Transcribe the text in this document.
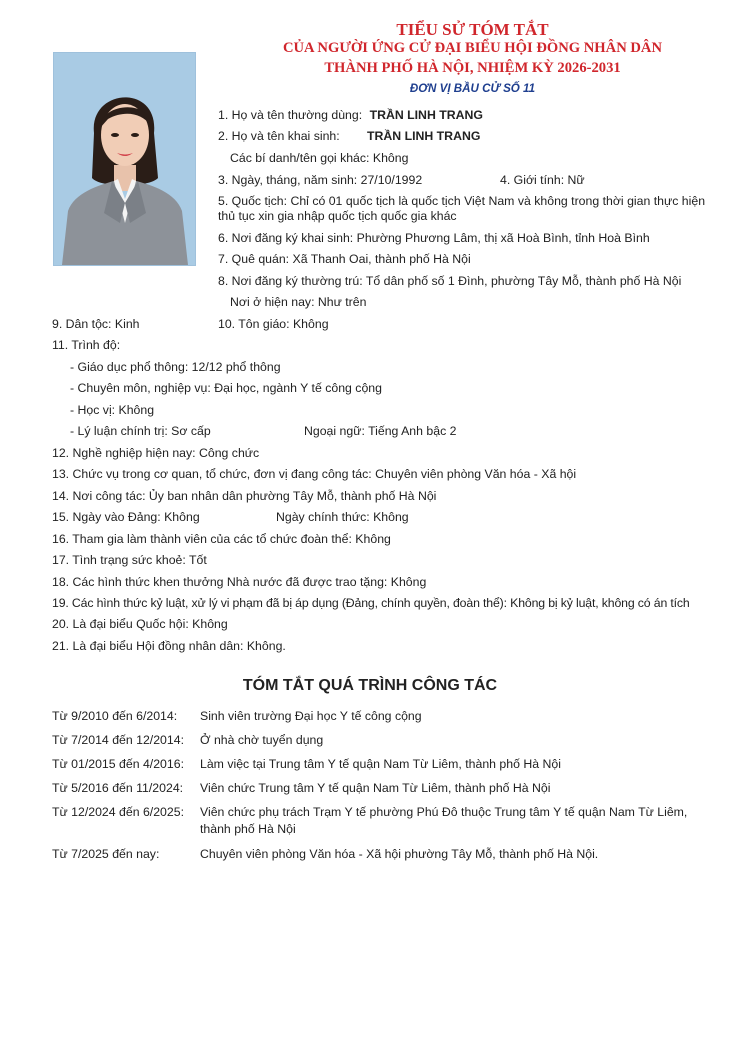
TIỂU SỬ TÓM TẮT
CỦA NGƯỜI ỨNG CỬ ĐẠI BIỂU HỘI ĐỒNG NHÂN DÂN
THÀNH PHỐ HÀ NỘI, NHIỆM KỲ 2026-2031
ĐƠN VỊ BẦU CỬ SỐ 11
1. Họ và tên thường dùng: TRẦN LINH TRANG
2. Họ và tên khai sinh: TRẦN LINH TRANG
Các bí danh/tên gọi khác: Không
3. Ngày, tháng, năm sinh: 27/10/1992	4. Giới tính: Nữ
5. Quốc tịch: Chỉ có 01 quốc tịch là quốc tịch Việt Nam và không trong thời gian thực hiện
thủ tục xin gia nhập quốc tịch quốc gia khác
6. Nơi đăng ký khai sinh: Phường Phương Lâm, thị xã Hoà Bình, tỉnh Hoà Bình
7. Quê quán: Xã Thanh Oai, thành phố Hà Nội
8. Nơi đăng ký thường trú: Tổ dân phố số 1 Đình, phường Tây Mỗ, thành phố Hà Nội
Nơi ở hiện nay: Như trên
9. Dân tộc: Kinh	10. Tôn giáo: Không
11. Trình độ:
- Giáo dục phổ thông: 12/12 phổ thông
- Chuyên môn, nghiệp vụ: Đại học, ngành Y tế công cộng
- Học vị: Không
- Lý luận chính trị: Sơ cấp	Ngoại ngữ: Tiếng Anh bậc 2
12. Nghề nghiệp hiện nay: Công chức
13. Chức vụ trong cơ quan, tổ chức, đơn vị đang công tác: Chuyên viên phòng Văn hóa - Xã hội
14. Nơi công tác: Ủy ban nhân dân phường Tây Mỗ, thành phố Hà Nội
15. Ngày vào Đảng: Không	Ngày chính thức: Không
16. Tham gia làm thành viên của các tổ chức đoàn thể: Không
17. Tình trạng sức khoẻ: Tốt
18. Các hình thức khen thưởng Nhà nước đã được trao tặng: Không
19. Các hình thức kỷ luật, xử lý vi phạm đã bị áp dụng (Đảng, chính quyền, đoàn thể): Không bị kỷ luật, không có án tích
20. Là đại biểu Quốc hội: Không
21. Là đại biểu Hội đồng nhân dân: Không.
TÓM TẮT QUÁ TRÌNH CÔNG TÁC
Từ 9/2010 đến 6/2014: Sinh viên trường Đại học Y tế công cộng
Từ 7/2014 đến 12/2014: Ở nhà chờ tuyển dụng
Từ 01/2015 đến 4/2016: Làm việc tại Trung tâm Y tế quận Nam Từ Liêm, thành phố Hà Nội
Từ 5/2016 đến 11/2024: Viên chức Trung tâm Y tế quận Nam Từ Liêm, thành phố Hà Nội
Từ 12/2024 đến 6/2025: Viên chức phụ trách Trạm Y tế phường Phú Đô thuộc Trung tâm Y tế quận Nam Từ Liêm,
thành phố Hà Nội
Từ 7/2025 đến nay:	Chuyên viên phòng Văn hóa - Xã hội phường Tây Mỗ, thành phố Hà Nội.
